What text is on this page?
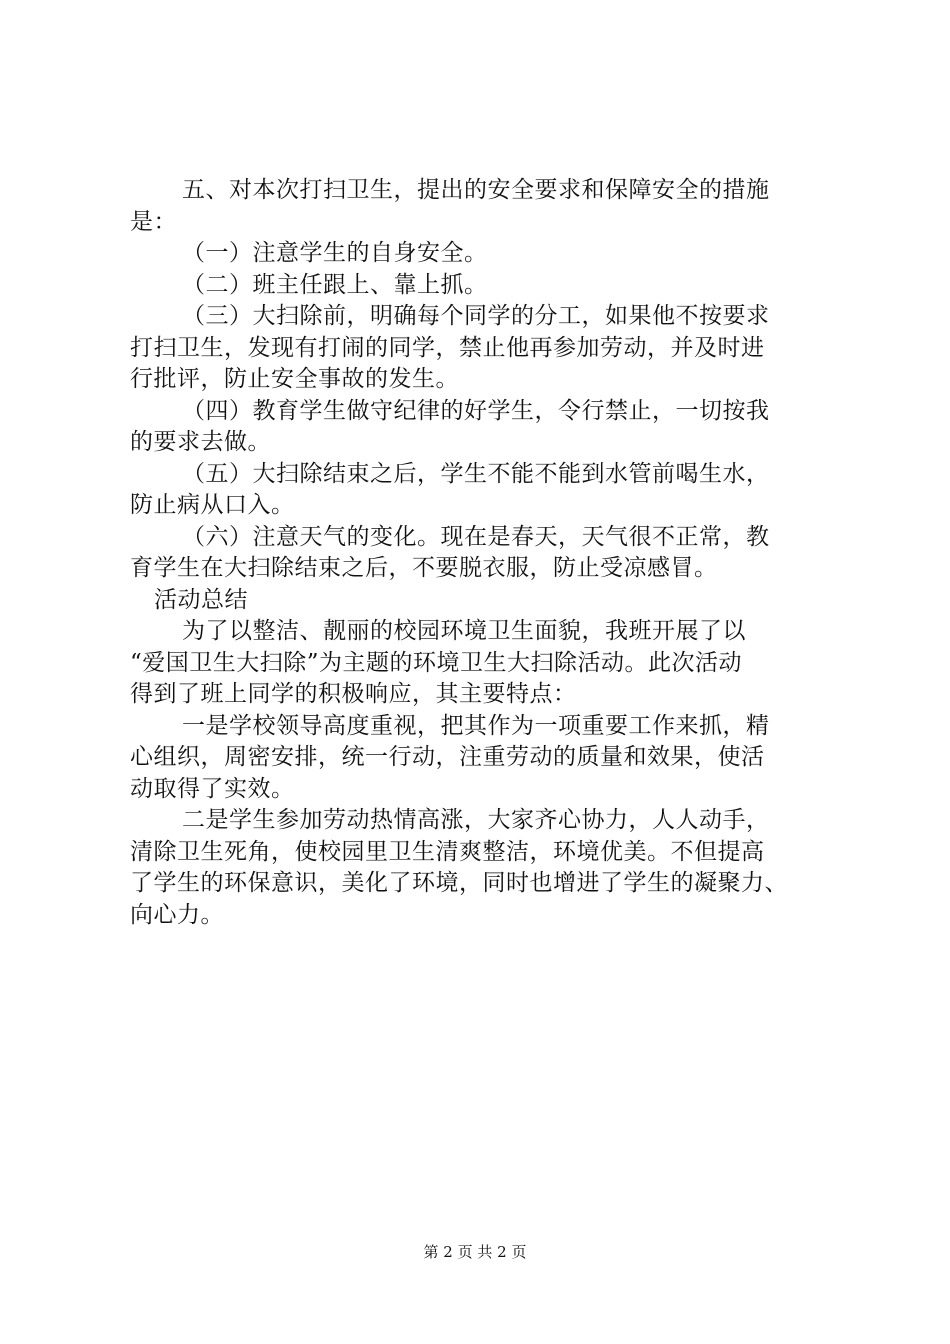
五、对本次打扫卫生，提出的安全要求和保障安全的措施
是：
（一）注意学生的自身安全。
（二）班主任跟上、靠上抓。
（三）大扫除前，明确每个同学的分工，如果他不按要求
打扫卫生，发现有打闹的同学，禁止他再参加劳动，并及时进
行批评，防止安全事故的发生。
（四）教育学生做守纪律的好学生，令行禁止，一切按我
的要求去做。
（五）大扫除结束之后，学生不能不能到水管前喝生水，
防止病从口入。
（六）注意天气的变化。现在是春天，天气很不正常，教
育学生在大扫除结束之后，不要脱衣服，防止受凉感冒。
活动总结
为了以整洁、靓丽的校园环境卫生面貌，我班开展了以
“爱国卫生大扫除”为主题的环境卫生大扫除活动。此次活动
得到了班上同学的积极响应，其主要特点：
一是学校领导高度重视，把其作为一项重要工作来抓，精
心组织，周密安排，统一行动，注重劳动的质量和效果，使活
动取得了实效。
二是学生参加劳动热情高涨，大家齐心协力，人人动手，
清除卫生死角，使校园里卫生清爽整洁，环境优美。不但提高
了学生的环保意识，美化了环境，同时也增进了学生的凝聚力、
向心力。
第 2 页 共 2 页
